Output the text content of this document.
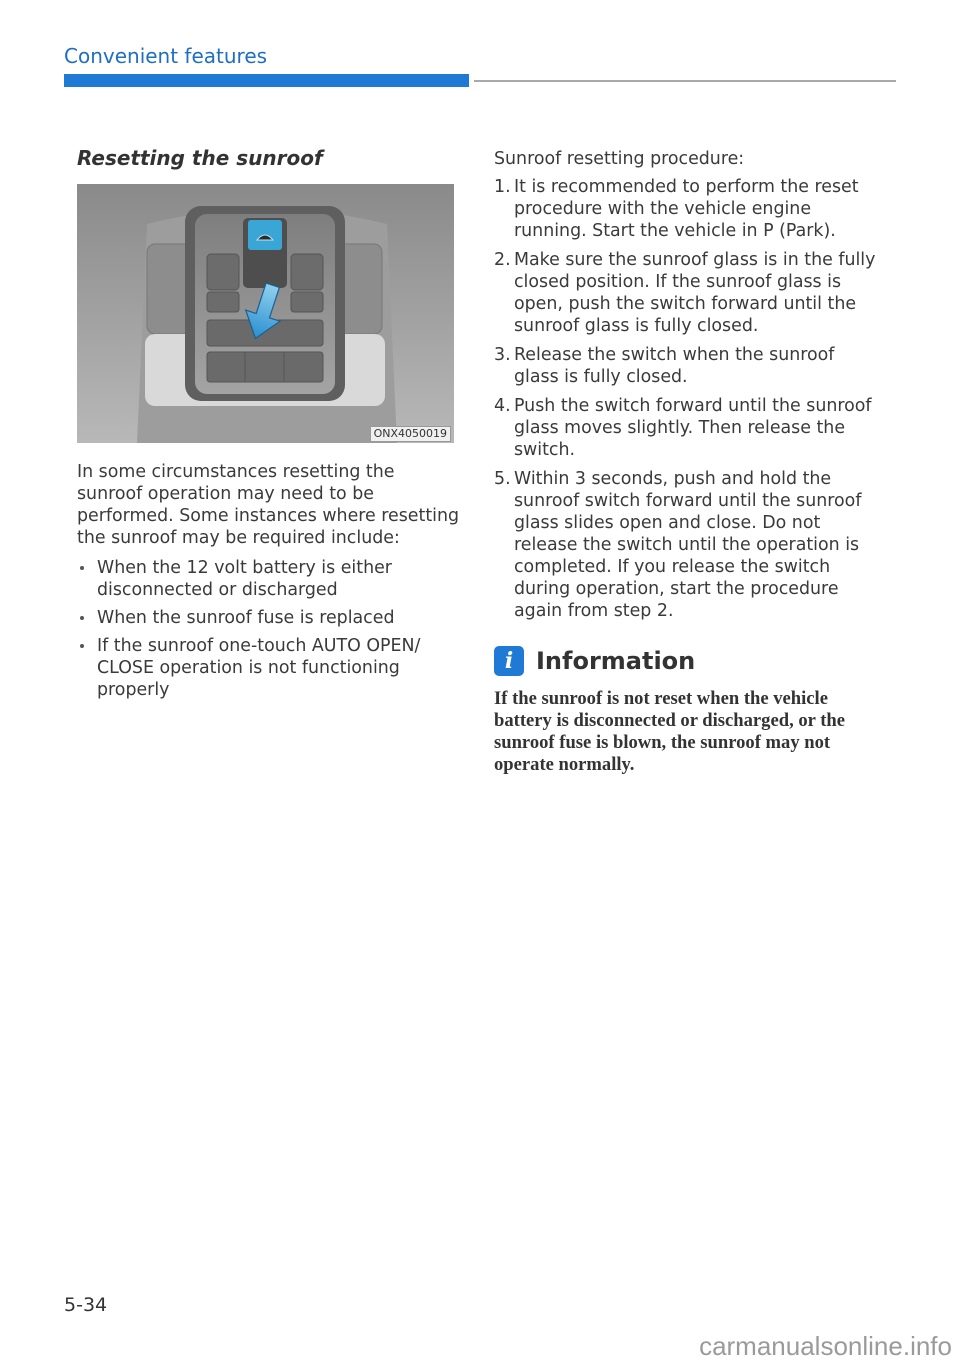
Convenient features
Resetting the sunroof
ONX4050019

In some circumstances resetting the sunroof operation may need to be performed. Some instances where resetting the sunroof may be required include:

When the 12 volt battery is either disconnected or discharged
When the sunroof fuse is replaced
If the sunroof one-touch AUTO OPEN/ CLOSE operation is not functioning properly

Sunroof resetting procedure:

1. It is recommended to perform the reset procedure with the vehicle engine running. Start the vehicle in P (Park).
2. Make sure the sunroof glass is in the fully closed position. If the sunroof glass is open, push the switch forward until the sunroof glass is fully closed.
3. Release the switch when the sunroof glass is fully closed.
4. Push the switch forward until the sunroof glass moves slightly. Then release the switch.
5. Within 3 seconds, push and hold the sunroof switch forward until the sunroof glass slides open and close. Do not release the switch until the operation is completed. If you release the switch during operation, start the procedure again from step 2.
i Information
If the sunroof is not reset when the vehicle battery is disconnected or discharged, or the sunroof fuse is blown, the sunroof may not operate normally.
5-34
carmanualsonline.info
